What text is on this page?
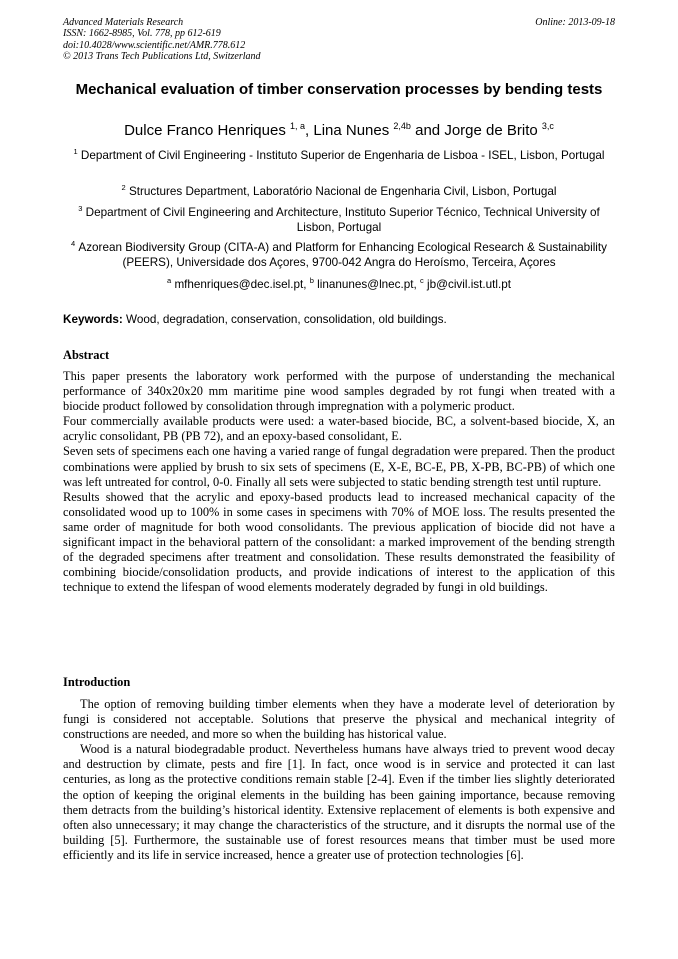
Advanced Materials Research
ISSN: 1662-8985, Vol. 778, pp 612-619
doi:10.4028/www.scientific.net/AMR.778.612
© 2013 Trans Tech Publications Ltd, Switzerland
Online: 2013-09-18
Mechanical evaluation of timber conservation processes by bending tests
Dulce Franco Henriques $^{1, a}$, Lina Nunes $^{2,4b}$ and Jorge de Brito $^{3,c}$
$^1$ Department of Civil Engineering - Instituto Superior de Engenharia de Lisboa - ISEL, Lisbon, Portugal
$^2$ Structures Department, Laboratório Nacional de Engenharia Civil, Lisbon, Portugal
$^3$ Department of Civil Engineering and Architecture, Instituto Superior Técnico, Technical University of Lisbon, Portugal
$^4$ Azorean Biodiversity Group (CITA-A) and Platform for Enhancing Ecological Research & Sustainability (PEERS), Universidade dos Açores, 9700-042 Angra do Heroísmo, Terceira, Açores
$^a$ mfhenriques@dec.isel.pt, $^b$ linanunes@lnec.pt, $^c$ jb@civil.ist.utl.pt
Keywords: Wood, degradation, conservation, consolidation, old buildings.
Abstract

This paper presents the laboratory work performed with the purpose of understanding the mechanical performance of 340x20x20 mm maritime pine wood samples degraded by rot fungi when treated with a biocide product followed by consolidation through impregnation with a polymeric product.

Four commercially available products were used: a water-based biocide, BC, a solvent-based biocide, X, an acrylic consolidant, PB (PB 72), and an epoxy-based consolidant, E.

Seven sets of specimens each one having a varied range of fungal degradation were prepared. Then the product combinations were applied by brush to six sets of specimens (E, X-E, BC-E, PB, X-PB, BC-PB) of which one was left untreated for control, 0-0. Finally all sets were subjected to static bending strength test until rupture.

Results showed that the acrylic and epoxy-based products lead to increased mechanical capacity of the consolidated wood up to 100% in some cases in specimens with 70% of MOE loss. The results presented the same order of magnitude for both wood consolidants. The previous application of biocide did not have a significant impact in the behavioral pattern of the consolidant: a marked improvement of the bending strength of the degraded specimens after treatment and consolidation. These results demonstrated the feasibility of combining biocide/consolidation products, and provide indications of interest to the application of this technique to extend the lifespan of wood elements moderately degraded by fungi in old buildings.

Introduction

The option of removing building timber elements when they have a moderate level of deterioration by fungi is considered not acceptable. Solutions that preserve the physical and mechanical integrity of constructions are needed, and more so when the building has historical value.

Wood is a natural biodegradable product. Nevertheless humans have always tried to prevent wood decay and destruction by climate, pests and fire [1]. In fact, once wood is in service and protected it can last centuries, as long as the protective conditions remain stable [2-4]. Even if the timber lies slightly deteriorated the option of keeping the original elements in the building has been gaining importance, because removing them detracts from the building’s historical identity. Extensive replacement of elements is both expensive and often also unnecessary; it may change the characteristics of the structure, and it disrupts the normal use of the building [5]. Furthermore, the sustainable use of forest resources means that timber must be used more efficiently and its life in service increased, hence a greater use of protection technologies [6].
